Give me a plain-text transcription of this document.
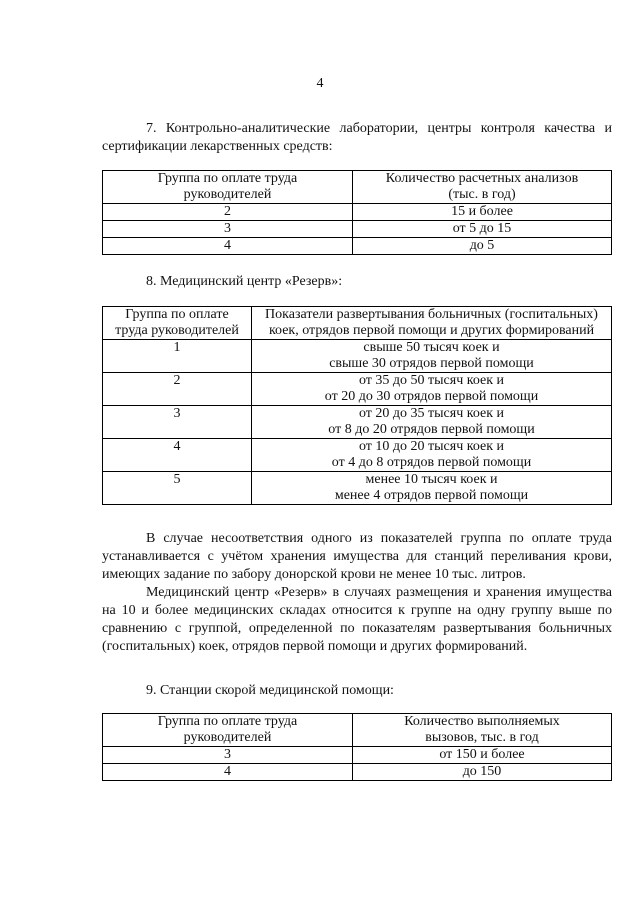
4
7. Контрольно-аналитические лаборатории, центры контроля качества и сертификации лекарственных средств:
Группа по оплате труда
руководителей	Количество расчетных анализов
(тыс. в год)
2	15 и более
3	от 5 до 15
4	до 5
8. Медицинский центр «Резерв»:
Группа по оплате
труда руководителей	Показатели развертывания больничных (госпитальных)
коек, отрядов первой помощи и других формирований
1	свыше 50 тысяч коек и
свыше 30 отрядов первой помощи
2	от 35 до 50 тысяч коек и
от 20 до 30 отрядов первой помощи
3	от 20 до 35 тысяч коек и
от 8 до 20 отрядов первой помощи
4	от 10 до 20 тысяч коек и
от 4 до 8 отрядов первой помощи
5	менее 10 тысяч коек и
менее 4 отрядов первой помощи
В случае несоответствия одного из показателей группа по оплате труда устанавливается с учётом хранения имущества для станций переливания крови, имеющих задание по забору донорской крови не менее 10 тыс. литров.
Медицинский центр «Резерв» в случаях размещения и хранения имущества на 10 и более медицинских складах относится к группе на одну группу выше по сравнению с группой, определенной по показателям развертывания больничных (госпитальных) коек, отрядов первой помощи и других формирований.
9. Станции скорой медицинской помощи:
Группа по оплате труда
руководителей	Количество выполняемых
вызовов, тыс. в год
3	от 150 и более
4	до 150
